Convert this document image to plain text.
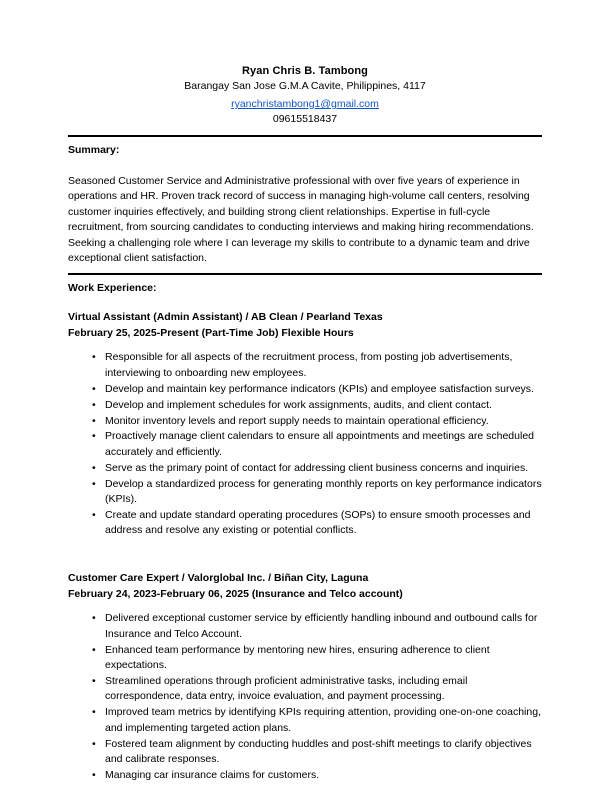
Ryan Chris B. Tambong
Barangay San Jose G.M.A Cavite, Philippines, 4117
ryanchristambong1@gmail.com
09615518437
Summary:
Seasoned Customer Service and Administrative professional with over five years of experience in operations and HR. Proven track record of success in managing high-volume call centers, resolving customer inquiries effectively, and building strong client relationships. Expertise in full-cycle recruitment, from sourcing candidates to conducting interviews and making hiring recommendations. Seeking a challenging role where I can leverage my skills to contribute to a dynamic team and drive exceptional client satisfaction.
Work Experience:
Virtual Assistant (Admin Assistant) / AB Clean / Pearland Texas
February 25, 2025-Present (Part-Time Job) Flexible Hours
• Responsible for all aspects of the recruitment process, from posting job advertisements, interviewing to onboarding new employees.
• Develop and maintain key performance indicators (KPIs) and employee satisfaction surveys.
• Develop and implement schedules for work assignments, audits, and client contact.
• Monitor inventory levels and report supply needs to maintain operational efficiency.
• Proactively manage client calendars to ensure all appointments and meetings are scheduled accurately and efficiently.
• Serve as the primary point of contact for addressing client business concerns and inquiries.
• Develop a standardized process for generating monthly reports on key performance indicators (KPIs).
• Create and update standard operating procedures (SOPs) to ensure smooth processes and address and resolve any existing or potential conflicts.
Customer Care Expert / Valorglobal Inc. / Biñan City, Laguna
February 24, 2023-February 06, 2025 (Insurance and Telco account)
• Delivered exceptional customer service by efficiently handling inbound and outbound calls for Insurance and Telco Account.
• Enhanced team performance by mentoring new hires, ensuring adherence to client expectations.
• Streamlined operations through proficient administrative tasks, including email correspondence, data entry, invoice evaluation, and payment processing.
• Improved team metrics by identifying KPIs requiring attention, providing one-on-one coaching, and implementing targeted action plans.
• Fostered team alignment by conducting huddles and post-shift meetings to clarify objectives and calibrate responses.
• Managing car insurance claims for customers.
